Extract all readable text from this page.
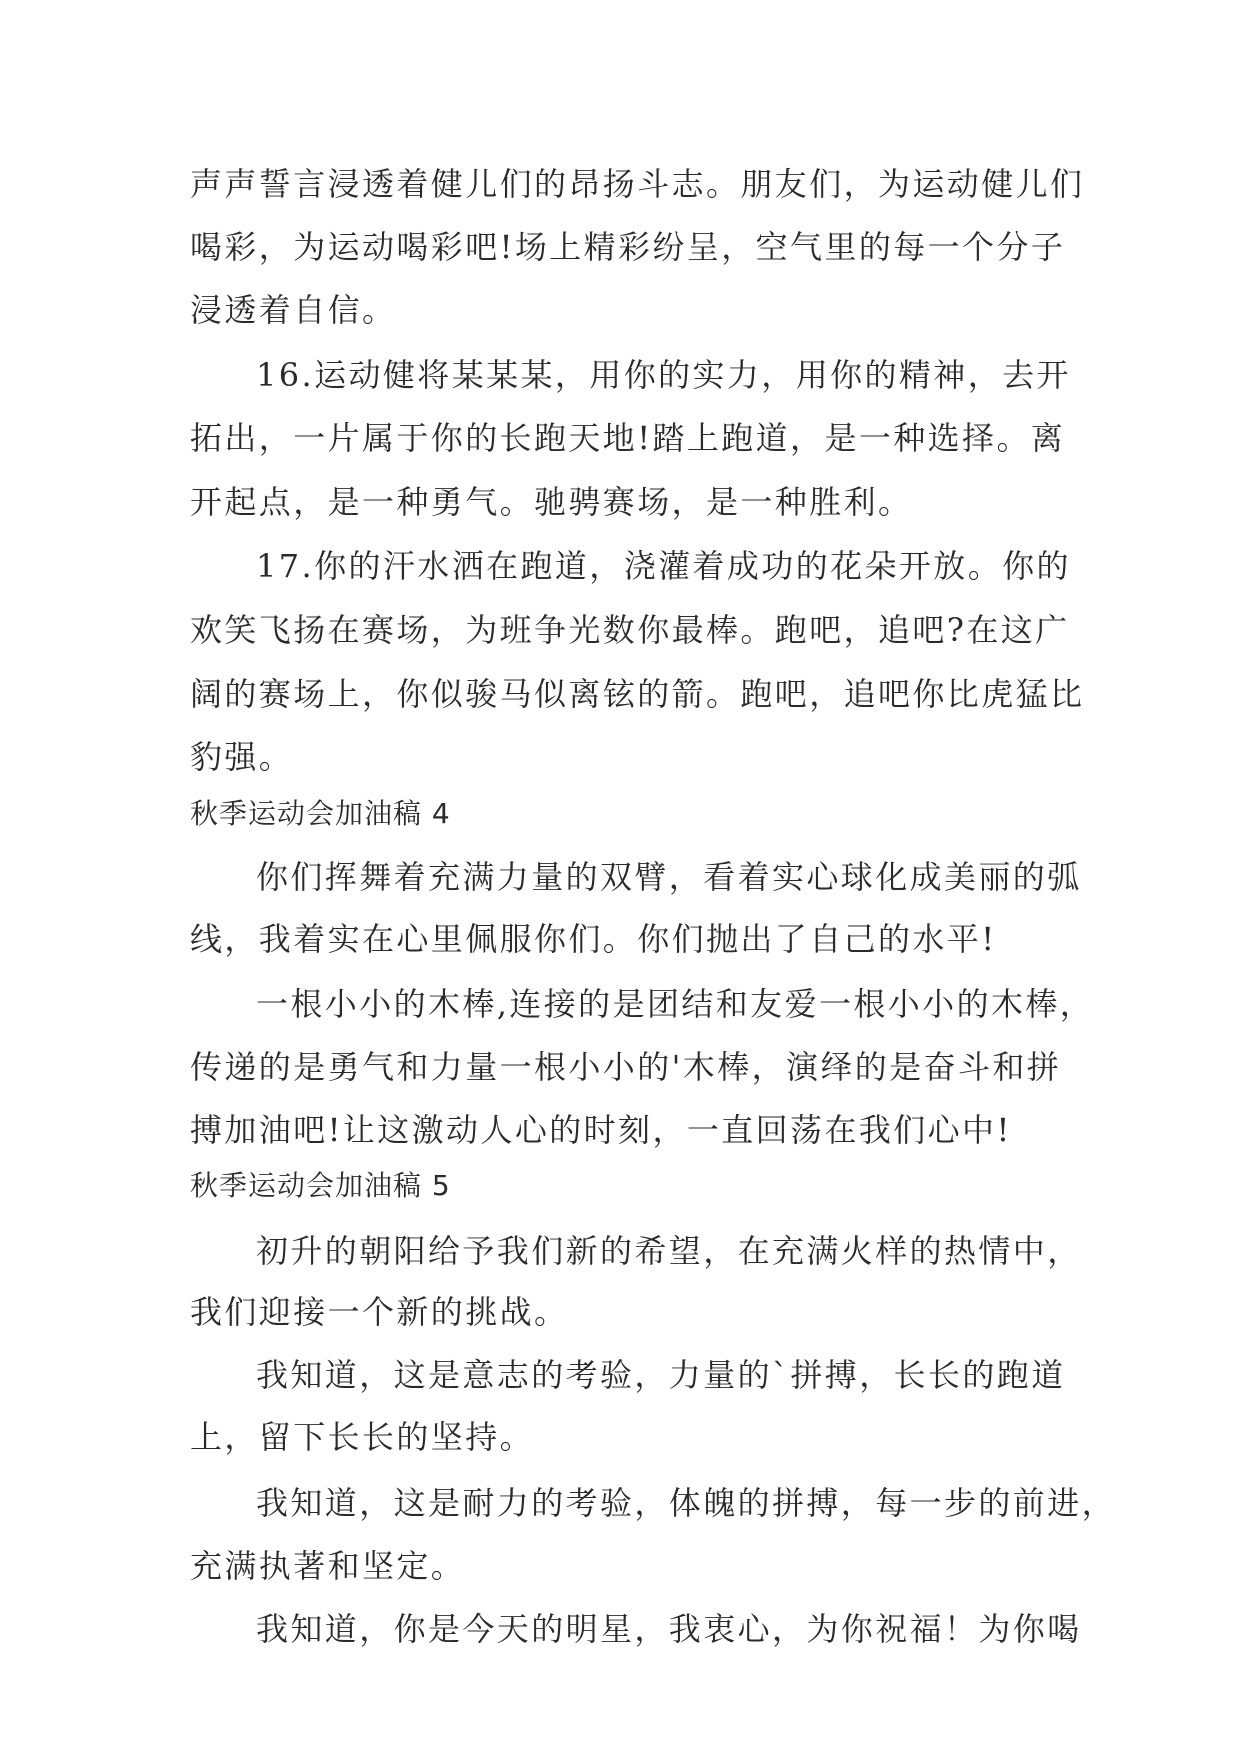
声声誓言浸透着健儿们的昂扬斗志。朋友们，为运动健儿们
喝彩，为运动喝彩吧!场上精彩纷呈，空气里的每一个分子
浸透着自信。
16.运动健将某某某，用你的实力，用你的精神，去开
拓出，一片属于你的长跑天地!踏上跑道，是一种选择。离
开起点，是一种勇气。驰骋赛场，是一种胜利。
17.你的汗水洒在跑道，浇灌着成功的花朵开放。你的
欢笑飞扬在赛场，为班争光数你最棒。跑吧，追吧?在这广
阔的赛场上，你似骏马似离铉的箭。跑吧，追吧你比虎猛比
豹强。
秋季运动会加油稿 4
你们挥舞着充满力量的双臂，看着实心球化成美丽的弧
线，我着实在心里佩服你们。你们抛出了自己的水平!
一根小小的木棒,连接的是团结和友爱一根小小的木棒，
传递的是勇气和力量一根小小的'木棒，演绎的是奋斗和拼
搏加油吧!让这激动人心的时刻，一直回荡在我们心中!
秋季运动会加油稿 5
初升的朝阳给予我们新的希望，在充满火样的热情中，
我们迎接一个新的挑战。
我知道，这是意志的考验，力量的`拼搏，长长的跑道
上，留下长长的坚持。
我知道，这是耐力的考验，体魄的拼搏，每一步的前进，
充满执著和坚定。
我知道，你是今天的明星，我衷心，为你祝福！为你喝
